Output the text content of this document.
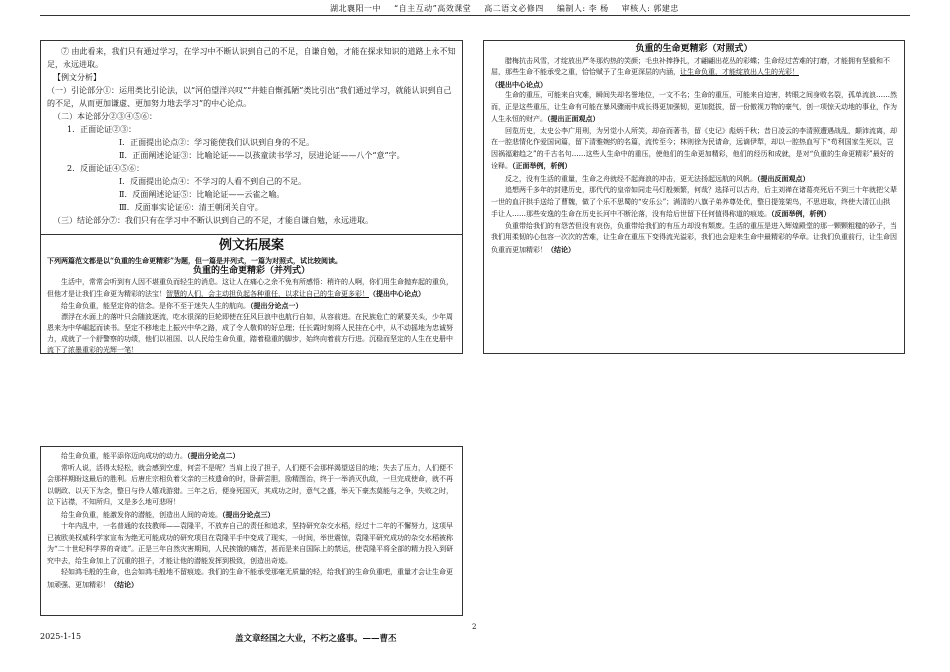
湖北襄阳一中 “自主互动”高效课堂 高二语文必修四 编制人: 李 杨 审核人: 郭建忠

⑦ 由此看来，我们只有通过学习，在学习中不断认识到自己的不足，自谦自勉，才能在探求知识的道路上永不知足，永远进取。

【例文分析】

（一）引论部分①：运用类比引论法，以“河伯望洋兴叹”“井蛙自惭孤陋”类比引出“我们通过学习，就能认识到自己的不足，从而更加谦虚、更加努力地去学习”的中心论点。

（二）本论部分②③④⑤⑥：

1．正面论证②③：

Ⅰ．正面提出论点②：学习能使我们认识到自身的不足。

Ⅱ．正面阐述论证③：比喻论证——以孩童读书学习，层进论证——八个“意”字。

2．反面论证④⑤⑥：

Ⅰ．反面提出论点④：不学习的人看不到自己的不足。

Ⅱ．反面阐述论证⑤：比喻论证——云雀之喻。

Ⅲ．反面事实论证⑥：清王朝闭关自守。

（三）结论部分⑦：我们只有在学习中不断认识到自己的不足，才能自谦自勉，永远进取。

例文拓展案

下列两篇范文都是以“负重的生命更精彩”为题，但一篇是并列式，一篇为对照式，试比较阅读。

负重的生命更精彩（并列式）

生活中，常常会听到有人因不堪重负而轻生的消息。这让人在痛心之余不免有所感悟：稍许的人啊，你们用生命抛弃起的重负，但他才是让我们生命更为精彩的法宝！智慧的人们，会主动担负起各种重任，以求让自己的生命更多彩！（提出中心论点）

给生命负重，能坚定你的信念。是你不至于迷失人生的航向。（提出分论点一）

漂浮在水面上的落叶只会随波逐流，吃水很深的巨轮即使在狂风巨浪中也航行自如，从容前进。在民族危亡的紧要关头，少年周恩来为中华崛起而读书。坚定不移地走上振兴中华之路，成了令人敬仰的好总理；任长霞时刻将人民挂在心中，从不动摇地为忠诚努力，成就了一个舒警察的功绩，他们以祖国、以人民给生命负重，踏着稳重的脚步，始终向着前方行进。沉稳而坚定的人生在史册中流下了浓墨重彩的光辉一笔！

负重的生命更精彩（对照式）

腊梅抗击风雪，才绽放出严冬那灼热的笑颜；毛虫补捧挣扎，才翩翩出花丛的彩蝶；生命经过苦难的打磨，才能拥有坚毅和不屈，那些生命不能承受之重，恰恰赋予了生命更深层的内涵，让生命负重，才能绽放出人生的光彩！

（提出中心论点）

生命的重压，可能来自灾难，瞬间失却名誉地位，一文不名；生命的重压，可能来自迫害，转眼之间身败名裂，孤单流浪……然而，正是这些重压，让生命有可能在暴风骤雨中成长得更加强韧，更加挺拔，留一份傲视万物的豪气，创一项惊天动地的事业，作为人生永恒的财产。（提出正面观点）

回览历史，太史公李广用刑，为另觉小人所笑，却奋而著书，留《史记》彪炳千秋；昔日凌云的李清照遭遇战乱，颠沛流离，却在一腔悲情化作爱国词篇，留下清雅婉约的名篇，流传至今；林则徐为民请命，远谪伊犁，却以一腔热血写下“苟利国家生死以，岂因祸福避趋之”的千古名句……这些人生命中的重压，使他们的生命更加精彩，他们的经历和成就，是对“负重的生命更精彩”最好的诠释。（正面举例，析例）

反之，没有生活的重量，生命之舟就经不起海浪的冲击，更无法扬起远航的风帆。（提出反面观点）

追想两千多年的封建历史，那代代的皇帝如同走马灯般频繁，何哉？选择可以古舟，后主刘禅在诸葛亮死后不到三十年就把父辈一世的血汗拱手送给了曹魏，做了个乐不思蜀的“安乐公”；满清的八旗子弟养尊处优，整日提笼架鸟，不思进取，终使大清江山拱手让人……那些安逸的生命在历史长河中不断沦落，没有给后世留下任何值得称道的痕迹。（反面举例，析例）

负重带给我们的有怨苦但没有哀伤，负重带给我们的有压力却没有颓废。生活的重压是进入辉煌殿堂的那一颗颗粗糙的砂子，当我们用柔韧的心包容一次次的苦难，让生命在重压下变得流光溢彩，我们也会迎来生命中最精彩的华章。让我们负重前行，让生命因负重而更加精彩！（结论）

给生命负重，能平添你迈向成功的动力。（提出分论点二）

常听人说，活得太轻松，就会感到空虚，何尝不是呢？当肩上没了担子，人们便不会那样渴望送目的地；失去了压力，人们便不会那样期盼这最后的胜利。后唐庄宗相负着父亲的三枝遗命的时，卧薪尝胆，励精图治，终于一举消灭仇敌，一旦完成使命，就不再以朝政、以天下为念，整日与伶人嬉戏游猎。三年之后，便身死国灭，其成功之时，意气之盛，举天下豪杰莫能与之争，失败之时，泣下沾襟，不知所归，又是多么地可悲呀！

给生命负重，能激发你的潜能，创造出人间的奇迹。（提出分论点三）

十年内乱中，一名普通的农技教师——袁隆平，不放弃自己的责任和追求，坚持研究杂交水稻，经过十二年的不懈努力，这项早已被欧美权威科学家宣布为绝无可能成功的研究项目在袁隆平手中变成了现实，一时间，举世震惊，袁隆平研究成功的杂交水稻被称为“二十世纪科学界的奇迹”。正是三年自然灾害期间，人民挨饿的痛苦，甚而是来自国际上的禁运，使袁隆平将全部的精力投入到研究中去，给生命加上了沉重的担子，才能让他的潜能发挥到极致，创造出奇迹。

轻如鸿毛般的生命，也会如鸿毛般地不留痕迹。我们的生命不能承受那毫无质量的轻，给我们的生命负重吧，重量才会让生命更加顽强、更加精彩！（结论）

2
2025-1-15	盖文章经国之大业，不朽之盛事。——曹丕
